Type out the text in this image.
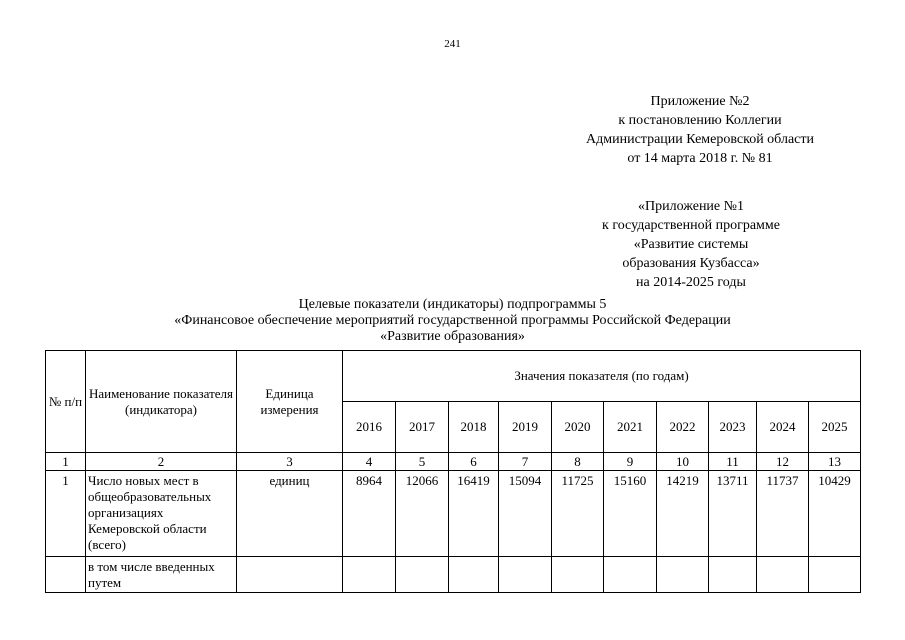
241
Приложение №2
к постановлению Коллегии
Администрации Кемеровской области
от 14 марта 2018 г. № 81
«Приложение №1
к государственной программе
«Развитие системы
образования Кузбасса»
на 2014-2025 годы
Целевые показатели (индикаторы) подпрограммы 5
«Финансовое обеспечение мероприятий государственной программы Российской Федерации
«Развитие образования»
№ п/п	Наименование показателя (индикатора)	Единица измерения	Значения показателя (по годам)									
			2016	2017	2018	2019	2020	2021	2022	2023	2024	2025
1	2	3	4	5	6	7	8	9	10	11	12	13
1	Число новых мест в общеобразовательных организациях Кемеровской области (всего)	единиц	8964	12066	16419	15094	11725	15160	14219	13711	11737	10429
	в том числе введенных путем											
